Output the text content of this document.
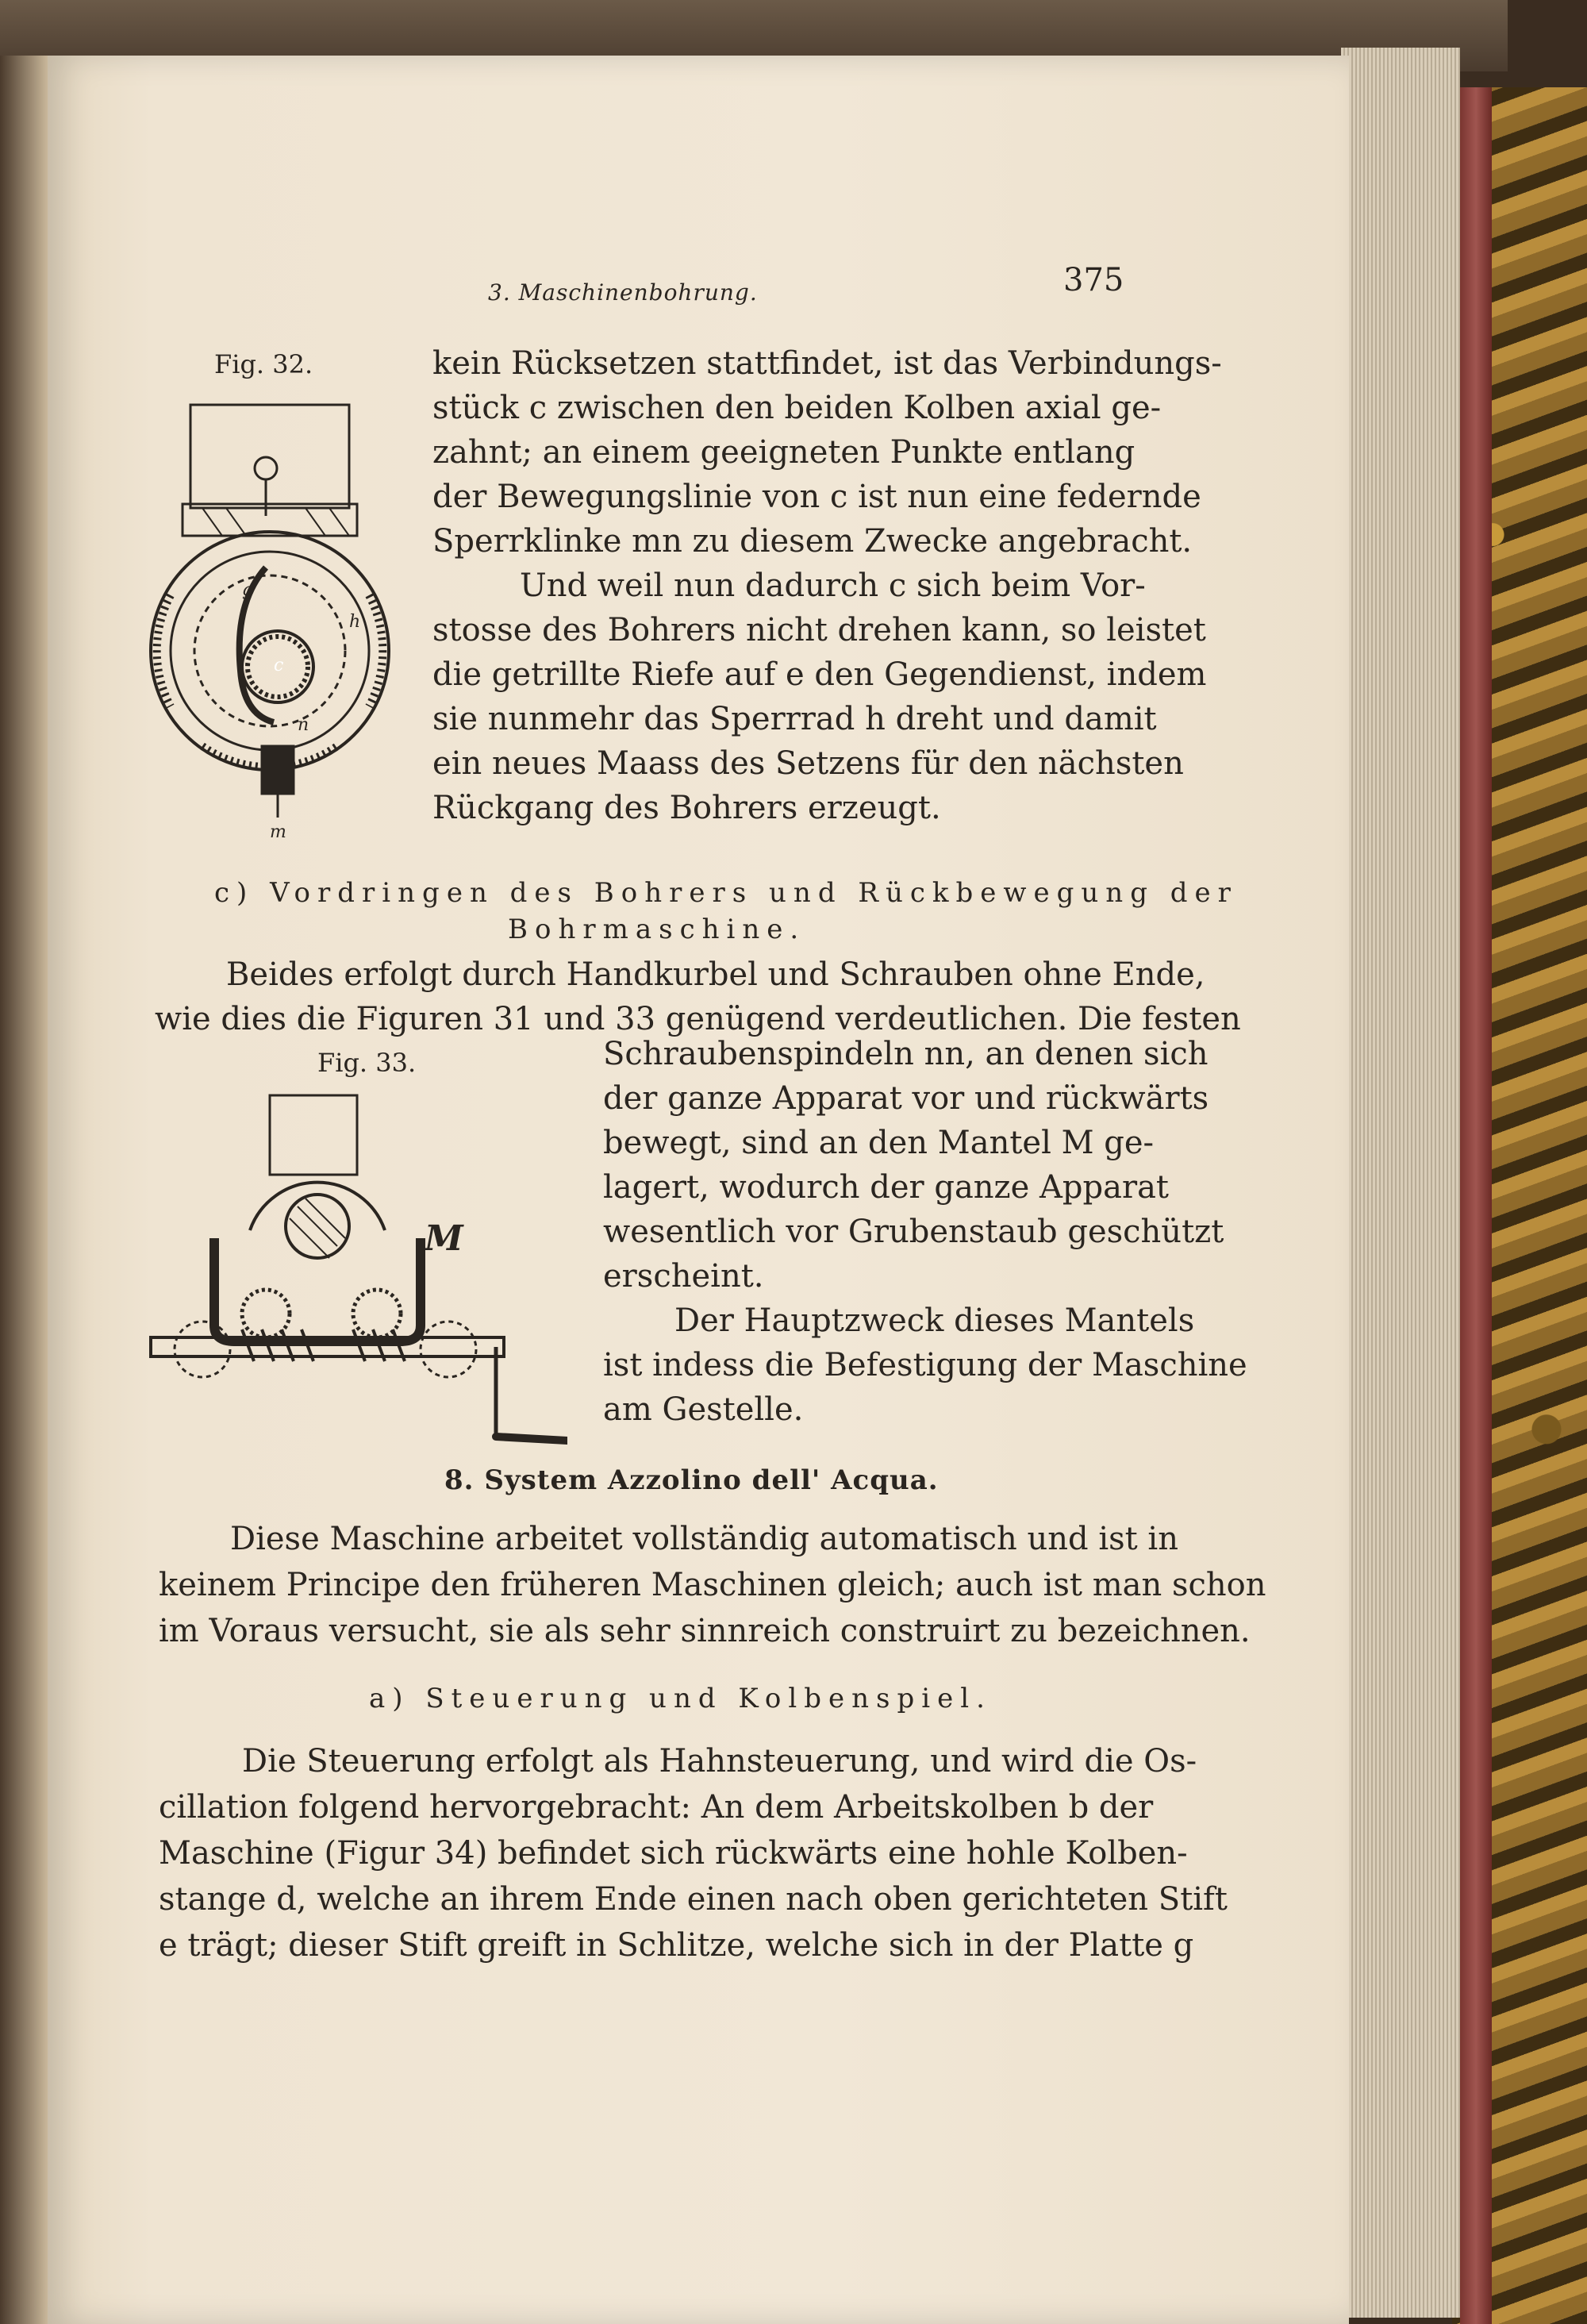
3. Maschinenbohrung.	375
Fig. 32.
g
h
c
n
m
Fig. 33.
M
kein Rücksetzen stattfindet, ist das Verbindungs-
stück c zwischen den beiden Kolben axial ge-
zahnt; an einem geeigneten Punkte entlang
der Bewegungslinie von c ist nun eine federnde
Sperrklinke mn zu diesem Zwecke angebracht.
Und weil nun dadurch c sich beim Vor-
stosse des Bohrers nicht drehen kann, so leistet
die getrillte Riefe auf e den Gegendienst, indem
sie nunmehr das Sperrrad h dreht und damit
ein neues Maass des Setzens für den nächsten
Rückgang des Bohrers erzeugt.
c) Vordringen des Bohrers und Rückbewegung der
Bohrmaschine.
Beides erfolgt durch Handkurbel und Schrauben ohne Ende,
wie dies die Figuren 31 und 33 genügend verdeutlichen. Die festen
Schraubenspindeln nn, an denen sich
der ganze Apparat vor und rückwärts
bewegt, sind an den Mantel M ge-
lagert, wodurch der ganze Apparat
wesentlich vor Grubenstaub geschützt
erscheint.
Der Hauptzweck dieses Mantels
ist indess die Befestigung der Maschine
am Gestelle.
8. System Azzolino dell' Acqua.
Diese Maschine arbeitet vollständig automatisch und ist in
keinem Principe den früheren Maschinen gleich; auch ist man schon
im Voraus versucht, sie als sehr sinnreich construirt zu bezeichnen.
a) Steuerung und Kolbenspiel.
Die Steuerung erfolgt als Hahnsteuerung, und wird die Os-
cillation folgend hervorgebracht: An dem Arbeitskolben b der
Maschine (Figur 34) befindet sich rückwärts eine hohle Kolben-
stange d, welche an ihrem Ende einen nach oben gerichteten Stift
e trägt; dieser Stift greift in Schlitze, welche sich in der Platte g
